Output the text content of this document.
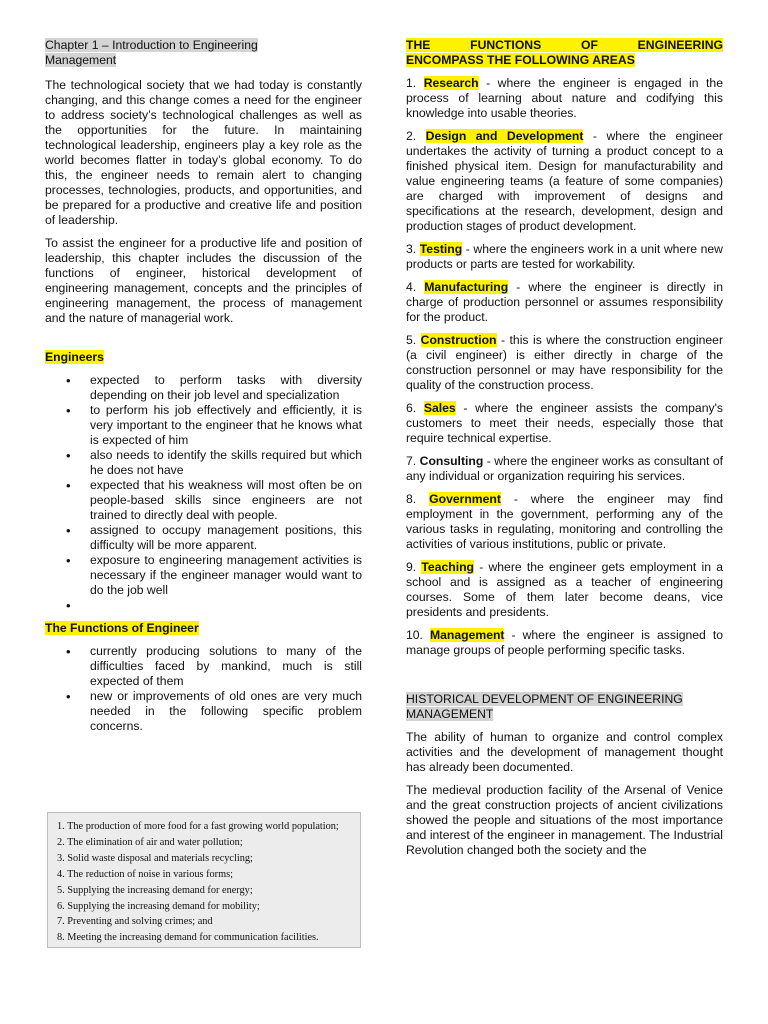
Chapter 1 – Introduction to Engineering
Management

The technological society that we had today is constantly changing, and this change comes a need for the engineer to address society’s technological challenges as well as the opportunities for the future. In maintaining technological leadership, engineers play a key role as the world becomes flatter in today’s global economy. To do this, the engineer needs to remain alert to changing processes, technologies, products, and opportunities, and be prepared for a productive and creative life and position of leadership.

To assist the engineer for a productive life and position of leadership, this chapter includes the discussion of the functions of engineer, historical development of engineering management, concepts and the principles of engineering management, the process of management and the nature of managerial work.

Engineers
• expected to perform tasks with diversity depending on their job level and specialization
• to perform his job effectively and efficiently, it is very important to the engineer that he knows what is expected of him
• also needs to identify the skills required but which he does not have
• expected that his weakness will most often be on people-based skills since engineers are not trained to directly deal with people.
• assigned to occupy management positions, this difficulty will be more apparent.
• exposure to engineering management activities is necessary if the engineer manager would want to do the job well
•
The Functions of Engineer
• currently producing solutions to many of the difficulties faced by mankind, much is still expected of them
• new or improvements of old ones are very much needed in the following specific problem concerns.
1. The production of more food for a fast growing world population;
2. The elimination of air and water pollution;
3. Solid waste disposal and materials recycling;
4. The reduction of noise in various forms;
5. Supplying the increasing demand for energy;
6. Supplying the increasing demand for mobility;
7. Preventing and solving crimes; and
8. Meeting the increasing demand for communication facilities.
THE FUNCTIONS OF ENGINEERING
ENCOMPASS THE FOLLOWING AREAS

1. Research - where the engineer is engaged in the process of learning about nature and codifying this knowledge into usable theories.

2. Design and Development - where the engineer undertakes the activity of turning a product concept to a finished physical item. Design for manufacturability and value engineering teams (a feature of some companies) are charged with improvement of designs and specifications at the research, development, design and production stages of product development.

3. Testing - where the engineers work in a unit where new products or parts are tested for workability.

4. Manufacturing - where the engineer is directly in charge of production personnel or assumes responsibility for the product.

5. Construction - this is where the construction engineer (a civil engineer) is either directly in charge of the construction personnel or may have responsibility for the quality of the construction process.

6. Sales - where the engineer assists the company's customers to meet their needs, especially those that require technical expertise.

7. Consulting - where the engineer works as consultant of any individual or organization requiring his services.

8. Government - where the engineer may find employment in the government, performing any of the various tasks in regulating, monitoring and controlling the activities of various institutions, public or private.

9. Teaching - where the engineer gets employment in a school and is assigned as a teacher of engineering courses. Some of them later become deans, vice presidents and presidents.

10. Management - where the engineer is assigned to manage groups of people performing specific tasks.

HISTORICAL DEVELOPMENT OF ENGINEERING
MANAGEMENT

The ability of human to organize and control complex activities and the development of management thought has already been documented.

The medieval production facility of the Arsenal of Venice and the great construction projects of ancient civilizations showed the people and situations of the most importance and interest of the engineer in management. The Industrial Revolution changed both the society and the
